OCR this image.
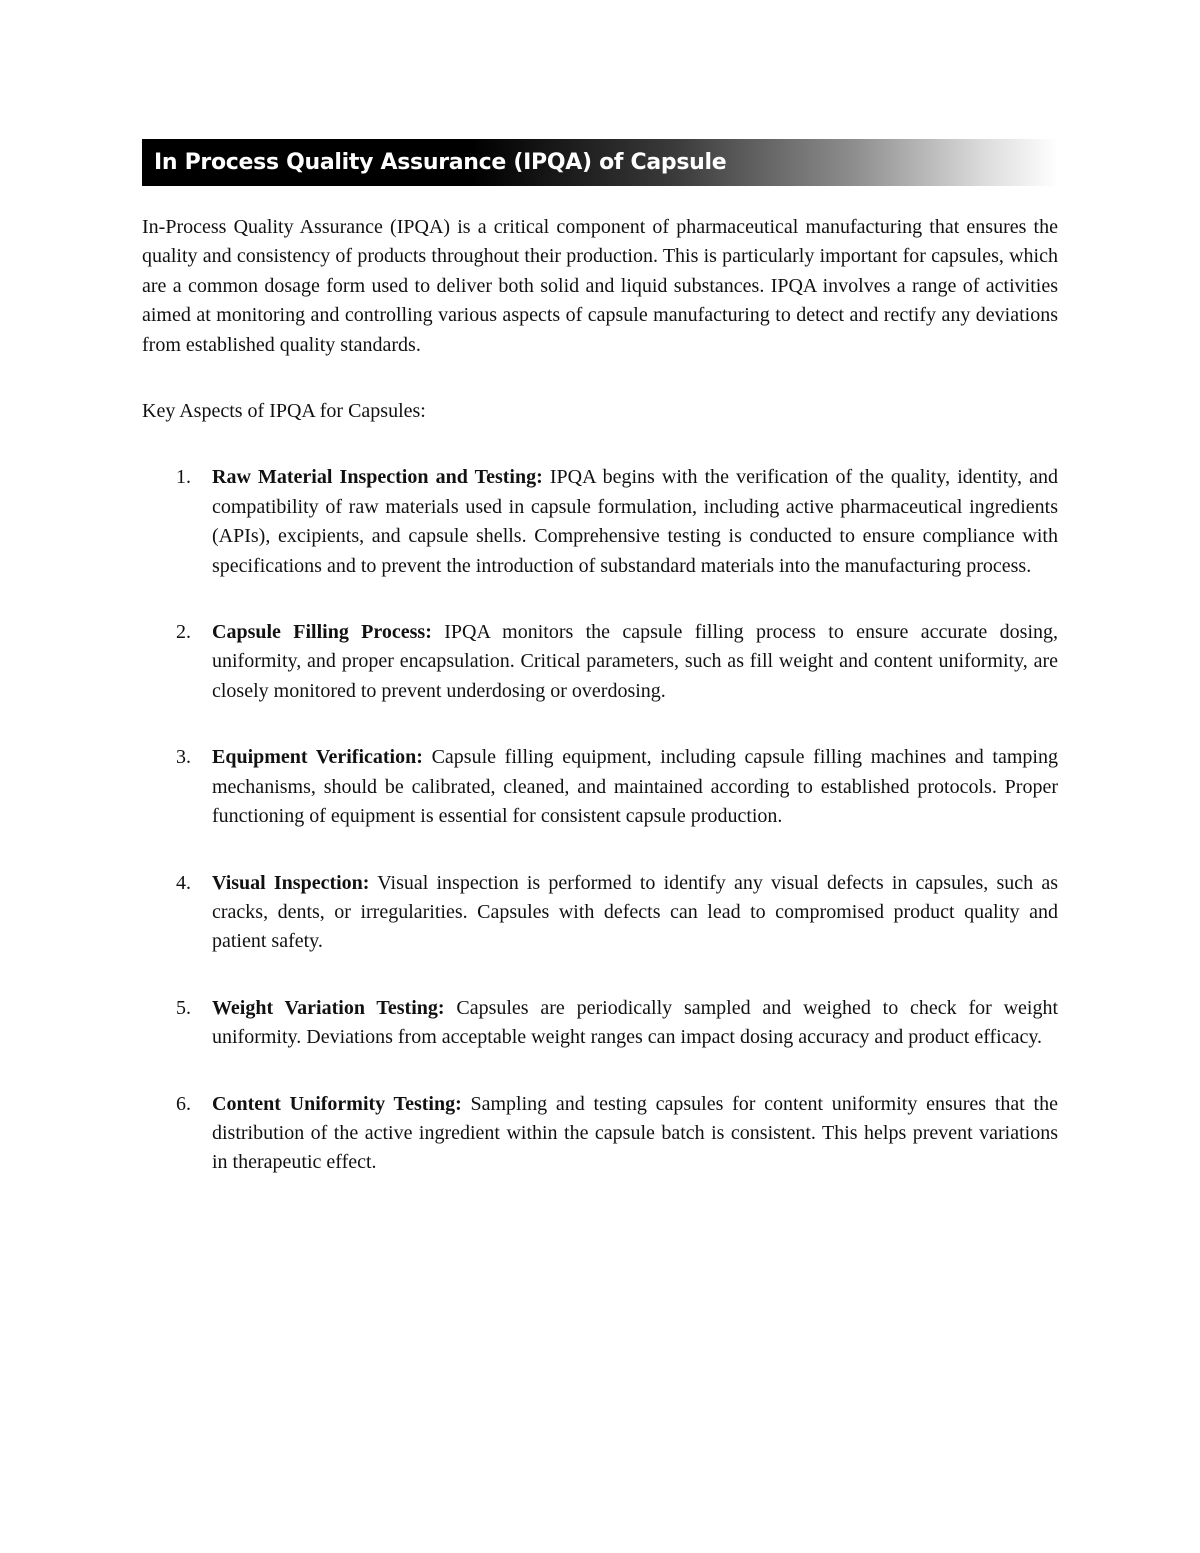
In Process Quality Assurance (IPQA) of Capsule

In-Process Quality Assurance (IPQA) is a critical component of pharmaceutical manufacturing that ensures the quality and consistency of products throughout their production. This is particularly important for capsules, which are a common dosage form used to deliver both solid and liquid substances. IPQA involves a range of activities aimed at monitoring and controlling various aspects of capsule manufacturing to detect and rectify any deviations from established quality standards.

Key Aspects of IPQA for Capsules:
1.	Raw Material Inspection and Testing: IPQA begins with the verification of the quality, identity, and compatibility of raw materials used in capsule formulation, including active pharmaceutical ingredients (APIs), excipients, and capsule shells. Comprehensive testing is conducted to ensure compliance with specifications and to prevent the introduction of substandard materials into the manufacturing process.
2.	Capsule Filling Process: IPQA monitors the capsule filling process to ensure accurate dosing, uniformity, and proper encapsulation. Critical parameters, such as fill weight and content uniformity, are closely monitored to prevent underdosing or overdosing.
3.	Equipment Verification: Capsule filling equipment, including capsule filling machines and tamping mechanisms, should be calibrated, cleaned, and maintained according to established protocols. Proper functioning of equipment is essential for consistent capsule production.
4.	Visual Inspection: Visual inspection is performed to identify any visual defects in capsules, such as cracks, dents, or irregularities. Capsules with defects can lead to compromised product quality and patient safety.
5.	Weight Variation Testing: Capsules are periodically sampled and weighed to check for weight uniformity. Deviations from acceptable weight ranges can impact dosing accuracy and product efficacy.
6.	Content Uniformity Testing: Sampling and testing capsules for content uniformity ensures that the distribution of the active ingredient within the capsule batch is consistent. This helps prevent variations in therapeutic effect.
